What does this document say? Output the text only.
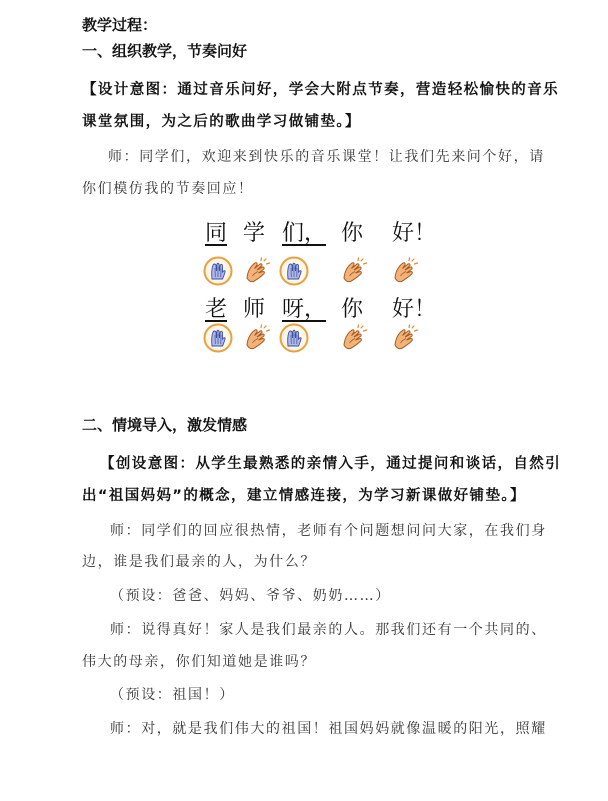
教学过程：
一、组织教学，节奏问好
【设计意图：通过音乐问好，学会大附点节奏，营造轻松愉快的音乐
课堂氛围，为之后的歌曲学习做铺垫。】
师：同学们，欢迎来到快乐的音乐课堂！让我们先来问个好，请
你们模仿我的节奏回应！
同 学 们， 你 好！
老 师 呀， 你 好！
二、情境导入，激发情感
【创设意图：从学生最熟悉的亲情入手，通过提问和谈话，自然引
出“祖国妈妈”的概念，建立情感连接，为学习新课做好铺垫。】
师：同学们的回应很热情，老师有个问题想问问大家，在我们身
边，谁是我们最亲的人，为什么？
（预设：爸爸、妈妈、爷爷、奶奶……）
师：说得真好！家人是我们最亲的人。那我们还有一个共同的、
伟大的母亲，你们知道她是谁吗？
（预设：祖国！）
师：对，就是我们伟大的祖国！祖国妈妈就像温暖的阳光，照耀
